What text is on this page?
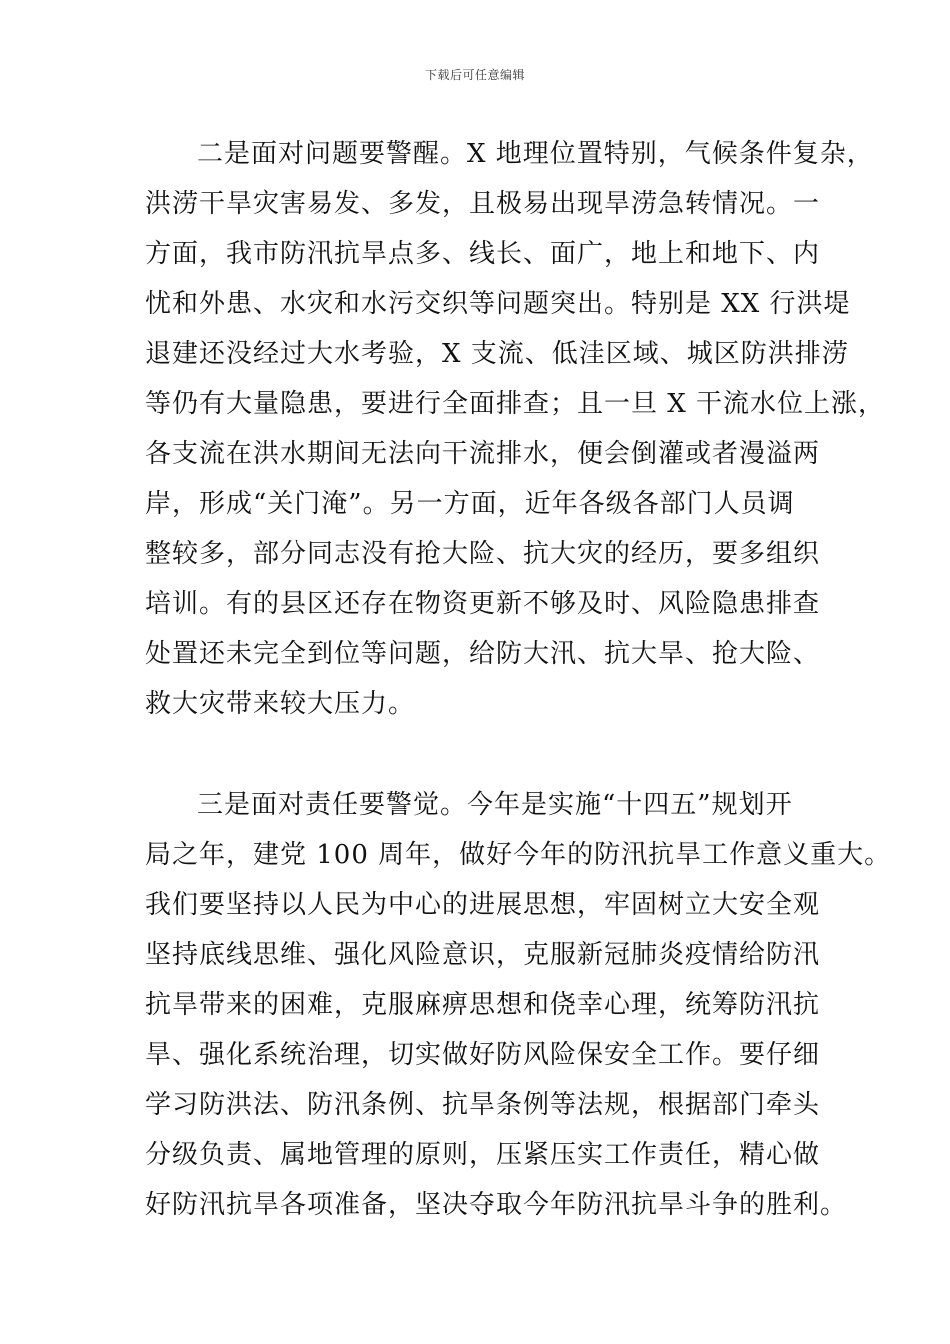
下载后可任意编辑
二是面对问题要警醒。X 地理位置特别，气候条件复杂，
洪涝干旱灾害易发、多发，且极易出现旱涝急转情况。一
方面，我市防汛抗旱点多、线长、面广，地上和地下、内
忧和外患、水灾和水污交织等问题突出。特别是 XX 行洪堤
退建还没经过大水考验，X 支流、低洼区域、城区防洪排涝
等仍有大量隐患，要进行全面排查；且一旦 X 干流水位上涨，
各支流在洪水期间无法向干流排水，便会倒灌或者漫溢两
岸，形成“关门淹”。另一方面，近年各级各部门人员调
整较多，部分同志没有抢大险、抗大灾的经历，要多组织
培训。有的县区还存在物资更新不够及时、风险隐患排查
处置还未完全到位等问题，给防大汛、抗大旱、抢大险、
救大灾带来较大压力。
三是面对责任要警觉。今年是实施“十四五”规划开
局之年，建党 100 周年，做好今年的防汛抗旱工作意义重大。
我们要坚持以人民为中心的进展思想，牢固树立大安全观
坚持底线思维、强化风险意识，克服新冠肺炎疫情给防汛
抗旱带来的困难，克服麻痹思想和侥幸心理，统筹防汛抗
旱、强化系统治理，切实做好防风险保安全工作。要仔细
学习防洪法、防汛条例、抗旱条例等法规，根据部门牵头
分级负责、属地管理的原则，压紧压实工作责任，精心做
好防汛抗旱各项准备，坚决夺取今年防汛抗旱斗争的胜利。
